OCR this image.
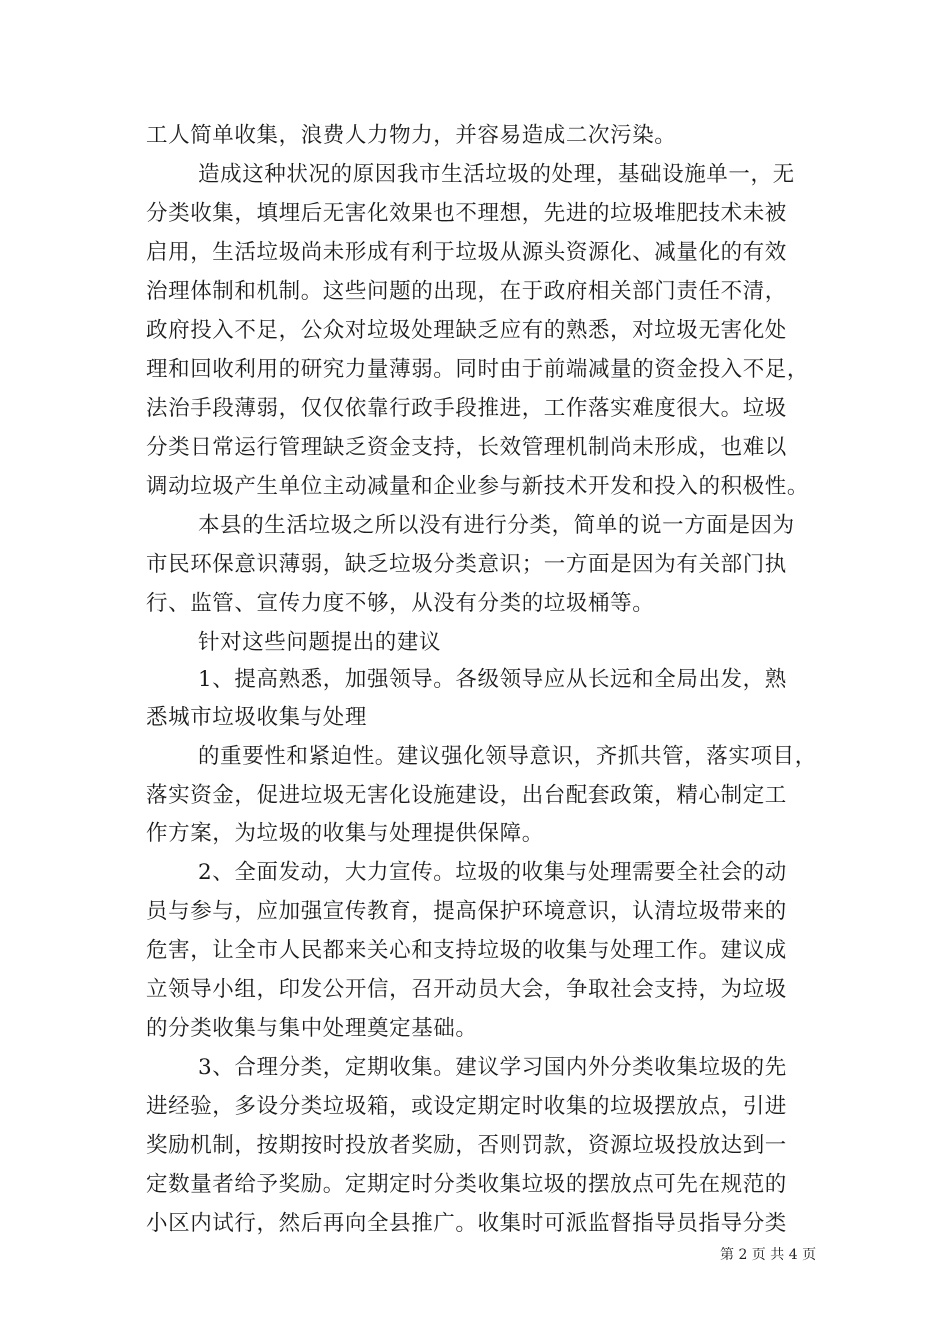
工人简单收集，浪费人力物力，并容易造成二次污染。
造成这种状况的原因我市生活垃圾的处理，基础设施单一，无
分类收集，填埋后无害化效果也不理想，先进的垃圾堆肥技术未被
启用，生活垃圾尚未形成有利于垃圾从源头资源化、减量化的有效
治理体制和机制。这些问题的出现，在于政府相关部门责任不清，
政府投入不足，公众对垃圾处理缺乏应有的熟悉，对垃圾无害化处
理和回收利用的研究力量薄弱。同时由于前端减量的资金投入不足，
法治手段薄弱，仅仅依靠行政手段推进，工作落实难度很大。垃圾
分类日常运行管理缺乏资金支持，长效管理机制尚未形成，也难以
调动垃圾产生单位主动减量和企业参与新技术开发和投入的积极性。
本县的生活垃圾之所以没有进行分类，简单的说一方面是因为
市民环保意识薄弱，缺乏垃圾分类意识；一方面是因为有关部门执
行、监管、宣传力度不够，从没有分类的垃圾桶等。
针对这些问题提出的建议
1、提高熟悉，加强领导。各级领导应从长远和全局出发，熟
悉城市垃圾收集与处理
的重要性和紧迫性。建议强化领导意识，齐抓共管，落实项目，
落实资金，促进垃圾无害化设施建设，出台配套政策，精心制定工
作方案，为垃圾的收集与处理提供保障。
2、全面发动，大力宣传。垃圾的收集与处理需要全社会的动
员与参与，应加强宣传教育，提高保护环境意识，认清垃圾带来的
危害，让全市人民都来关心和支持垃圾的收集与处理工作。建议成
立领导小组，印发公开信，召开动员大会，争取社会支持，为垃圾
的分类收集与集中处理奠定基础。
3、合理分类，定期收集。建议学习国内外分类收集垃圾的先
进经验，多设分类垃圾箱，或设定期定时收集的垃圾摆放点，引进
奖励机制，按期按时投放者奖励，否则罚款，资源垃圾投放达到一
定数量者给予奖励。定期定时分类收集垃圾的摆放点可先在规范的
小区内试行，然后再向全县推广。收集时可派监督指导员指导分类
第 2 页 共 4 页
